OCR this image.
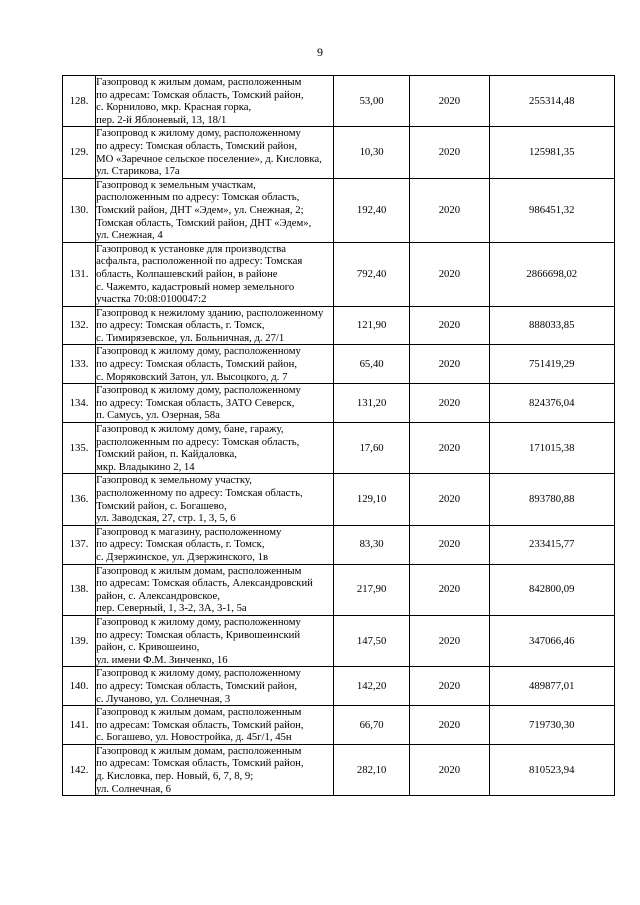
9
128.	Газопровод к жилым домам, расположенным
по адресам: Томская область, Томский район,
с. Корнилово, мкр. Красная горка,
пер. 2-й Яблоневый, 13, 18/1	53,00	2020	255314,48
129.	Газопровод к жилому дому, расположенному
по адресу: Томская область, Томский район,
МО «Заречное сельское поселение», д. Кисловка,
ул. Старикова, 17а	10,30	2020	125981,35
130.	Газопровод к земельным участкам,
расположенным по адресу: Томская область,
Томский район, ДНТ «Эдем», ул. Снежная, 2;
Томская область, Томский район, ДНТ «Эдем»,
ул. Снежная, 4	192,40	2020	986451,32
131.	Газопровод к установке для производства
асфальта, расположенной по адресу: Томская
область, Колпашевский район, в районе
с. Чажемто, кадастровый номер земельного
участка 70:08:0100047:2	792,40	2020	2866698,02
132.	Газопровод к нежилому зданию, расположенному
по адресу: Томская область, г. Томск,
с. Тимирязевское, ул. Больничная, д. 27/1	121,90	2020	888033,85
133.	Газопровод к жилому дому, расположенному
по адресу: Томская область, Томский район,
с. Моряковский Затон, ул. Высоцкого, д. 7	65,40	2020	751419,29
134.	Газопровод к жилому дому, расположенному
по адресу: Томская область, ЗАТО Северск,
п. Самусь, ул. Озерная, 58а	131,20	2020	824376,04
135.	Газопровод к жилому дому, бане, гаражу,
расположенным по адресу: Томская область,
Томский район, п. Кайдаловка,
мкр. Владыкино 2, 14	17,60	2020	171015,38
136.	Газопровод к земельному участку,
расположенному по адресу: Томская область,
Томский район, с. Богашево,
ул. Заводская, 27, стр. 1, 3, 5, 6	129,10	2020	893780,88
137.	Газопровод к магазину, расположенному
по адресу: Томская область, г. Томск,
с. Дзержинское, ул. Дзержинского, 1в	83,30	2020	233415,77
138.	Газопровод к жилым домам, расположенным
по адресам: Томская область, Александровский
район, с. Александровское,
пер. Северный, 1, 3-2, 3А, 3-1, 5а	217,90	2020	842800,09
139.	Газопровод к жилому дому, расположенному
по адресу: Томская область, Кривошеинский
район, с. Кривошеино,
ул. имени Ф.М. Зинченко, 16	147,50	2020	347066,46
140.	Газопровод к жилому дому, расположенному
по адресу: Томская область, Томский район,
с. Лучаново, ул. Солнечная, 3	142,20	2020	489877,01
141.	Газопровод к жилым домам, расположенным
по адресам: Томская область, Томский район,
с. Богашево, ул. Новостройка, д. 45г/1, 45н	66,70	2020	719730,30
142.	Газопровод к жилым домам, расположенным
по адресам: Томская область, Томский район,
д. Кисловка, пер. Новый, 6, 7, 8, 9;
ул. Солнечная, 6	282,10	2020	810523,94
